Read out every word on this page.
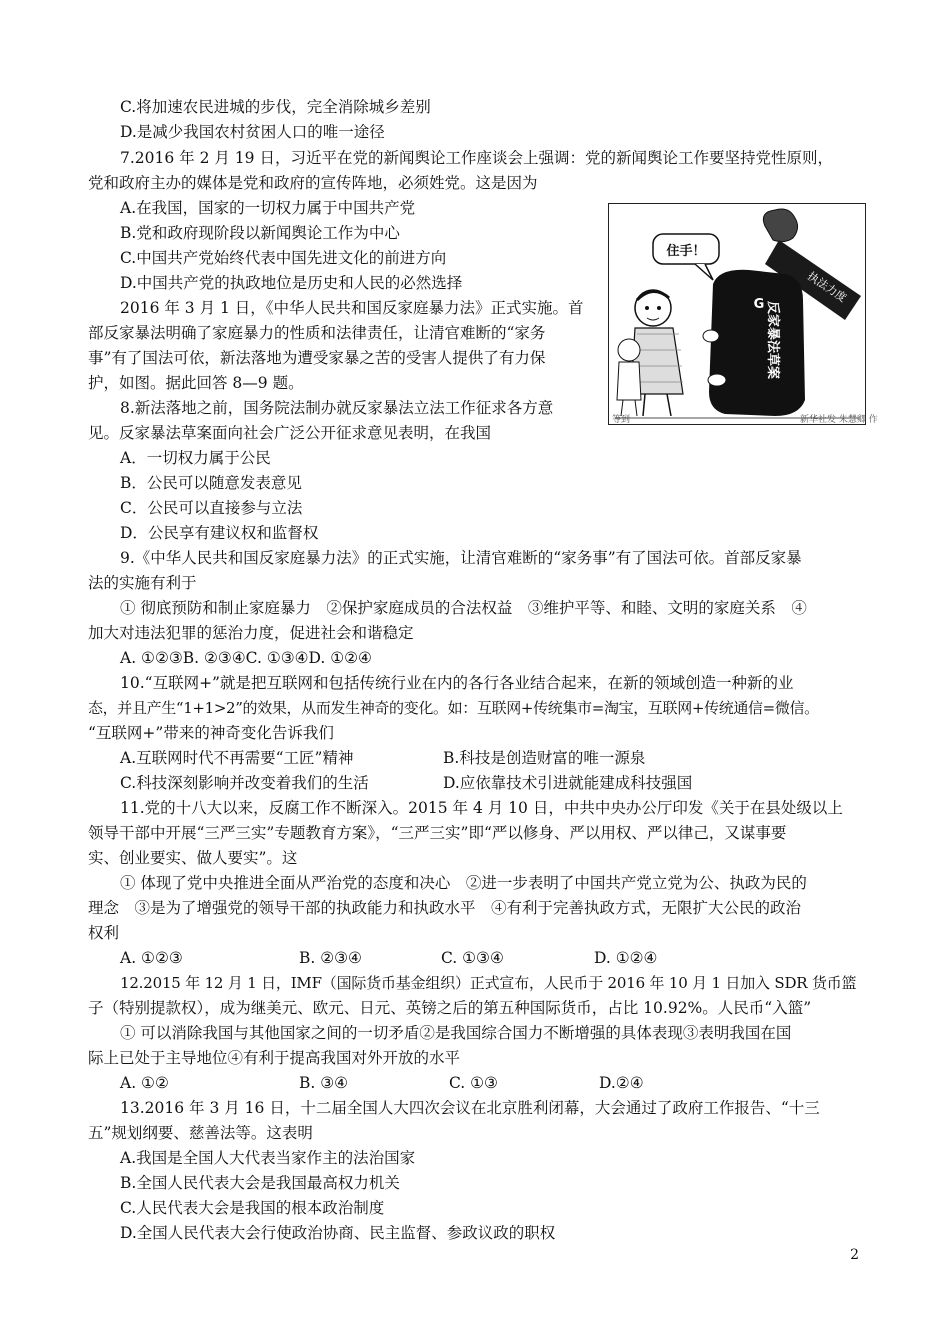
C.将加速农民进城的步伐，完全消除城乡差别
D.是减少我国农村贫困人口的唯一途径
7.2016 年 2 月 19 日，习近平在党的新闻舆论工作座谈会上强调：党的新闻舆论工作要坚持党性原则，
党和政府主办的媒体是党和政府的宣传阵地，必须姓党。这是因为
A.在我国，国家的一切权力属于中国共产党
B.党和政府现阶段以新闻舆论工作为中心
C.中国共产党始终代表中国先进文化的前进方向
D.中国共产党的执政地位是历史和人民的必然选择
2016 年 3 月 1 日，《中华人民共和国反家庭暴力法》正式实施。首
部反家暴法明确了家庭暴力的性质和法律责任，让清官难断的“家务
事”有了国法可依，新法落地为遭受家暴之苦的受害人提供了有力保
护，如图。据此回答 8—9 题。
8.新法落地之前，国务院法制办就反家暴法立法工作征求各方意
见。反家暴法草案面向社会广泛公开征求意见表明，在我国
A．一切权力属于公民
B．公民可以随意发表意见
C．公民可以直接参与立法
D．公民享有建议权和监督权
9.《中华人民共和国反家庭暴力法》的正式实施，让清官难断的“家务事”有了国法可依。首部反家暴
法的实施有利于
① 彻底预防和制止家庭暴力　②保护家庭成员的合法权益　③维护平等、和睦、文明的家庭关系　④
加大对违法犯罪的惩治力度，促进社会和谐稳定
A. ①②③B. ②③④C. ①③④D. ①②④
10.“互联网+”就是把互联网和包括传统行业在内的各行各业结合起来，在新的领域创造一种新的业
态，并且产生“1+1>2”的效果，从而发生神奇的变化。如：互联网+传统集市=淘宝，互联网+传统通信=微信。
“互联网+”带来的神奇变化告诉我们
A.互联网时代不再需要“工匠”精神	B.科技是创造财富的唯一源泉
C.科技深刻影响并改变着我们的生活	D.应依靠技术引进就能建成科技强国
11.党的十八大以来，反腐工作不断深入。2015 年 4 月 10 日，中共中央办公厅印发《关于在县处级以上
领导干部中开展“三严三实”专题教育方案》，“三严三实”即“严以修身、严以用权、严以律己，又谋事要
实、创业要实、做人要实”。这
① 体现了党中央推进全面从严治党的态度和决心　②进一步表明了中国共产党立党为公、执政为民的
理念　③是为了增强党的领导干部的执政能力和执政水平　④有利于完善执政方式，无限扩大公民的政治
权利
A. ①②③	B. ②③④	C. ①③④	D. ①②④
12.2015 年 12 月 1 日，IMF（国际货币基金组织）正式宣布，人民币于 2016 年 10 月 1 日加入 SDR 货币篮
子（特别提款权），成为继美元、欧元、日元、英镑之后的第五种国际货币，占比 10.92%。人民币“入篮”
① 可以消除我国与其他国家之间的一切矛盾②是我国综合国力不断增强的具体表现③表明我国在国
际上已处于主导地位④有利于提高我国对外开放的水平
A. ①②	B. ③④	C. ①③	D.②④
13.2016 年 3 月 16 日，十二届全国人大四次会议在北京胜利闭幕，大会通过了政府工作报告、“十三
五”规划纲要、慈善法等。这表明
A.我国是全国人大代表当家作主的法治国家
B.全国人民代表大会是我国最高权力机关
C.人民代表大会是我国的根本政治制度
D.全国人民代表大会行使政治协商、民主监督、参政议政的职权
住手！
执法力度
G 反家暴法草案
等到	新华社发 朱慧卿 作
2
